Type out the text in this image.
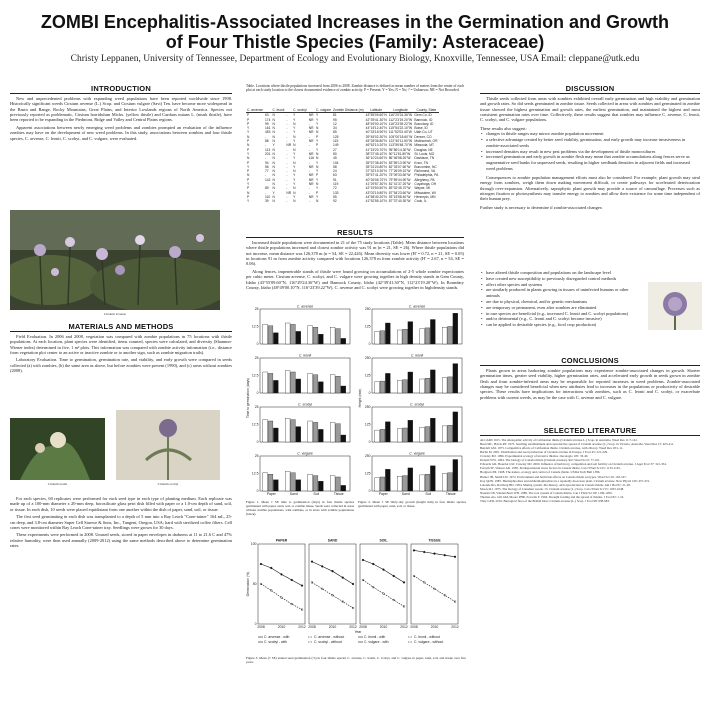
ZOMBI Encephalitis-Associated Increases in the Germination and Growth
of Four Thistle Species (Family: Asteraceae)
Christy Leppanen, University of Tennessee, Department of Ecology and Evolutionary Biology, Knoxville, Tennessee, USA Email: cleppane@utk.edu
INTRODUCTION

New and unprecedented problems with expanding weed populations have been reported worldwide since 1998. Historically significant weeds Cirsium arvense (L.) Scop. and Cirsium vulgare (Savi) Ten. have become more widespread in the Basin and Range, Rocky Mountains, Great Plains, and Interior Lowlands regions of North America. Species not previously reported as problematic, Cirsium horridulum Michx. (yellow thistle) and Carduus nutans L. (musk thistle), have been reported to be expanding in the Piedmont, Ridge and Valley and Central Plains regions.

Apparent associations between newly emerging weed problems and zombies prompted an evaluation of the influence zombies may have on the development of new weed problems. In this study, associations between zombies and four thistle species, C. arvense, C. leonii, C. scobyi, and C. vulgare, were evaluated.

Cirsium arvense
MATERIALS AND METHODS

Field Evaluation. In 2006 and 2008, vegetation was compared with zombie populations in 75 locations with thistle populations. At each location, plant species were identified, items counted, species were calculated, and diversity (Shannon-Wiener index) determined in five, 1 m² plots. This information was compared with zombie activity information (i.e., distance from vegetation plot center to an active or inactive zombie or to another sign, such as zombie migration trails).

Laboratory Evaluation. Time to germination, germination rate, and viability, and early growth were compared in seeds collected (a) with zombies, (b) the same area as above, but before zombies were present (1990), and (c) areas without zombies (2008).

Cirsium leonii	Cirsium scobyi

For each species, 60 replicates were performed for each seed type in each type of planting medium. Each replicate was made up of a 100-mm diameter x 20-mm deep, borosilicate glass petri dish filled with paper or a 1.0-cm depth of sand, soil, or tissue. In each dish, 10 seeds were placed equidistant from one another within the dish of paper, sand, soil, or tissue.

The first seed germinating in each dish was transplanted to a depth of 5 mm into a Ray Leach "Cone-tainer" 164 mL, 25-cm deep, and 3.8-cm diameter Super Cell Stuewe & Sons, Inc., Tangent, Oregon, USA; hard with sterilized coffee filters. Cell cones were monitored within Ray Leach Cone-tainer tray. Seedlings were grown for 30 days.

These experiments were performed in 2008. Unused seeds, stored in paper envelopes in darkness at 11 to 21.6 C and 47% relative humidity, were then used annually (2009-2012) using the same methods described above to determine germination rates.

Table. Locations where thistle populations increased from 2006 to 2008. Zombie distance is defined as mean number of meters from the center of each plot at each study location to the closest documented evidence of zombie activity. P = Present; Y = Yes; N = No; ? = Unknown; NR = Not Recorded.

C. arvense		C. leonii		C. scobyi		C. vulgare	Zombie Distance (m)	Latitude	Longitude	County, State
P	63	N	-	Y	NR	Y	81	43°55'09.60"N	116°29'24.36"W	Gem Co, ID
P	174	N	-	Y	NR	Y	95	42°39'41.30"N	112°23'19.20"W	Bannock, ID
P	99	N	-	N	-	Y	12	48°49'00.10"N	116°23'39.22"W	Boundary, ID
Y	161	N	-	Y	NR	N	34	44°15'12.40"N	115°54'22.10"W	Boise, ID
Y	453	N	-	Y	NR	N	85	40°33'18.90"N	111°52'03.40"W	Utah Co, UT
N	-	N	-	N	-	P	125	39°45'02.30"N	105°00'18.60"W	Denver, CO
P	88	N	-	Y	NR	Y	115	45°28'36.80"N	122°40'11.50"W	Multnomah, OR
N	-	Y	NR	N	-	P	149	46°52'10.20"N	113°59'48.70"W	Missoula, MT
P	113	N	-	N	-	Y	27	41°15'20.70"N	95°56'14.30"W	Douglas, NE
Y	201	N	-	Y	NR	N	80	38°37'45.10"N	90°11'51.80"W	St. Louis, MO
N	-	N	-	Y	116	N	45	36°10'24.60"N	86°46'58.20"W	Davidson, TN
P	94	N	-	N	-	Y	104	35°57'38.40"N	83°55'13.90"W	Knox, TN
Y	56	N	-	Y	NR	N	58	35°31'24.80"N	82°33'07.60"W	Buncombe, NC
P	77	N	-	N	-	Y	24	37°32'19.30"N	77°26'09.10"W	Richmond, VA
N	-	N	-	Y	NR	P	63	39°57'41.20"N	75°09'33.50"W	Philadelphia, PA
P	142	N	-	Y	NR	Y	91	40°26'06.70"N	79°59'44.90"W	Allegheny, PA
Y		N	-	Y	NR	N	119	41°29'57.30"N	81°41'37.20"W	Cuyahoga, OH
P	89	N	-	N	-	Y	72	42°19'53.50"N	83°02'45.70"W	Wayne, MI
N	-	Y	NR	N	-	P	133	43°02'19.80"N	87°54'23.60"W	Milwaukee, WI
P	110	N	-	Y	NR	Y	55	44°58'40.20"N	93°15'58.40"W	Hennepin, MN
Y	39	N	-	N	-	N	92	41°52'55.10"N	87°37'40.30"W	Cook, IL
RESULTS

Increased thistle populations were documented in 21 of the 75 study locations (Table). Mean distance between locations where thistle populations increased and closest zombie activity was 91 m (n = 21, SE = 26). Where thistle populations did not increase, mean distance was 126,378 m (n = 54, SE = 22,426). Mean diversity was lower (H' = 0.72, n = 21, SE = 0.05) in locations 91 m from zombie activity compared with locations 126,378 m from zombie activity (H' = 2.67, n = 54, SE = 0.06).

Along fences, impenetrable stands of thistle were found growing on accumulations of 2-5 whole zombie expectorates per cubic meter. Cirsium arvense, C. scobyi, and C. vulgare were growing together in high density stands in Gem County, Idaho (43°55'09.60"N, 116°29'24.36"W) and Bannock County, Idaho (42°39'41.30"N, 112°23'19.20"W). In Boundary County, Idaho (48°49'00.10"N, 116°23'39.22"W), C. arvense and C. scobyi were growing together in highdensity stands.

C. arvense
0
12.5
25
C. leonii
0
12.5
25
C. scobyi
0
12.5
25
C. vulgare
0
12.5
25
Paper	Sand	Soil	Tissue
Time to germination (days)
C. arvense
0
125
250
C. leonii
0
125
250
C. scobyi
0
125
250
C. vulgare
0
125
250
Paper	Sand	Soil	Tissue
Height (mm)

Figure 1. Mean ± SE time to germination (days) in four thistle species germinated with paper, sand, soil, or zombie tissue. Seeds were collected in areas without zombie populations, with zombies, or in areas with zombie populations (black).

Figure 2. Mean ± SE thirty-day growth (height mm) in four thistle species germinated with paper, sand, soil, or tissue.

PAPER
2008	2010	2012
SAND
2008	2010	2012
SOIL
2008	2010	2012
TISSUE
2008	2010	2012
0
50
100
Germination (%)
Year
C. arvense - with	C. arvense - without	C. leonii - with	C. leonii - without
C. scobyi - with	C. scobyi - without	C. vulgare - with	C. vulgare - without

Figure 3. Mean (± SE) annual seed germination (%) in four thistle species C. arvense, C. leonii, C. scobyi, and C. vulgare in paper, sand, soil, and tissue over five years.

DISCUSSION

Thistle seeds collected from areas with zombies exhibited overall early germination and high viability and germination and growth rates. So did seeds germinated in zombie tissue. Seeds collected in areas with zombies and germinated in zombie tissue showed the highest germination and growth rates, the earliest germination, and maintained the highest and most consistent germination rates over time. Collectively, these results suggest that zombies may influence C. arvense, C. leonii, C. scobyi, and C. vulgare populations.

These results also suggest:

• changes in thistle ranges may mirror zombie population movement
• a selective advantage created by better seed viability, germination, and early growth may increase invasiveness in zombie-associated seeds
• increased densities may result in new pest problems via the development of thistle monocultures
• increased germination and early growth in zombie flesh may mean that zombie accumulations along fences serve as augmentative seed banks for unpressed seeds, resulting in higher seedbank densities in adjacent fields and increased weed problems

Consequences to zombie population management efforts must also be considered. For example, plant growth may steal energy from zombies, weigh them down making movement difficult, or create pathways for accelerated deterioration through over-expansion. Alternatively, saprophytic plant growth may provide a source of camouflage. Processes such as nitrogen fixation or photosynthesis may transfer energy to zombies and allow their existence for some time independent of their human prey.

Further study is necessary to determine if zombie-associated changes:

• have altered thistle composition and populations on the landscape level
• have created new susceptibility to previously disregarded control methods
• affect other species and systems
• are similarly produced in plants growing in tissues of uninfected humans or other animals
• are due to physical, chemical, and/or genetic mechanisms
• are temporary or permanent, even after zombies are eliminated
• in rare species are beneficial (e.g., increased C. leonii and C. scobyi populations)
• and/or detrimental (e.g., C. leonii and C. scobyi become invasive)
• can be applied to desirable species (e.g., food crop production)
CONCLUSIONS

Plants grown in areas harboring zombie populations may experience zombie-associated changes in growth. Shorter germination times, greater seed viability, higher germination rates, and accelerated early growth in seeds grown in zombie flesh and from zombie-infested areas may be responsible for reported increases in weed problems. Zombie-associated changes may be considered beneficial when new attributes lead to increases in the populations or productivity of desirable species. These results have implications for interactions with zombies, such as C. leonii and C. scobyi, or exacerbate problems with current weeds, as may be the case with C. arvense and C. vulgare.

SELECTED LITERATURE

ALCAMI 1915. The allelopathic activity of Californian thistle (Cirsium arvense L.) Scop. in Australia. Weed Res 11:7-141.

Bean MC, Harris RT. 1975. Seedling establishment and reproductive spread of Cirsium arvense (L.) Scop. in Victoria, Australia. Weed Res 15: 405-411.

Bendall GM. 1975. Competitive effects of Californian thistle. Cirsium arvense, with chicory. Weed Res 18:1-11.

Berlin M. 2001. Distribution and seed production of Cirsium arvense in Europe. J Ecol 45: 221-229.

Crawley MJ. 1996. Experimental ecology of invasive thistles. Oecologia 105: 33-40.

Donald WW. 1994. The biology of Canada thistle (Cirsium arvense). Rev Weed Sci 6: 77-101.

Edwards GR, Bourdot GW, Crawley MJ. 2000. Influence of herbivory, competition and soil fertility on Cirsium arvense. J Appl Ecol 37: 321-334.

Forsyth SF, Watson AK. 1985. Predispositional stress factors in Canada thistle. Can J Plant Sci 65: 1133-1145.

Hodgson JM. 1968. The nature, ecology and control of Canada thistle. USDA Tech Bull 1386.

Hunter JH, Smith LW. 1972. Environment and herbicide effects on Canada thistle ecotypes. Weed Sci 20: 163-167.

Kay QON. 1985. Hermaphrodites and subhermaphrodites in a reputedly dioecious plant, Cirsium arvense. New Phytol 100: 457-472.

Lalonde RG, Roitberg BD. 1994. Mating system, life-history, and reproduction in Canada thistle. Am J Bot 81: 21-28.

Moore RJ. 1975. The biology of Canadian weeds. 13. Cirsium arvense (L.) Scop. Can J Plant Sci 55: 1033-1048.

Nadeau LB, Vanden Born WH. 1989. The root system of Canada thistle. Can J Plant Sci 69: 1199-1206.

Thomas AG, Gill AM, Moore PHR, Forcella F. 1994. Drought feeding and the spread of thistles. J Ecol 82: 1-16.

Tiley GED. 2010. Biological flora of the British Isles: Cirsium arvense (L.) Scop. J Ecol 98: 938-983.
